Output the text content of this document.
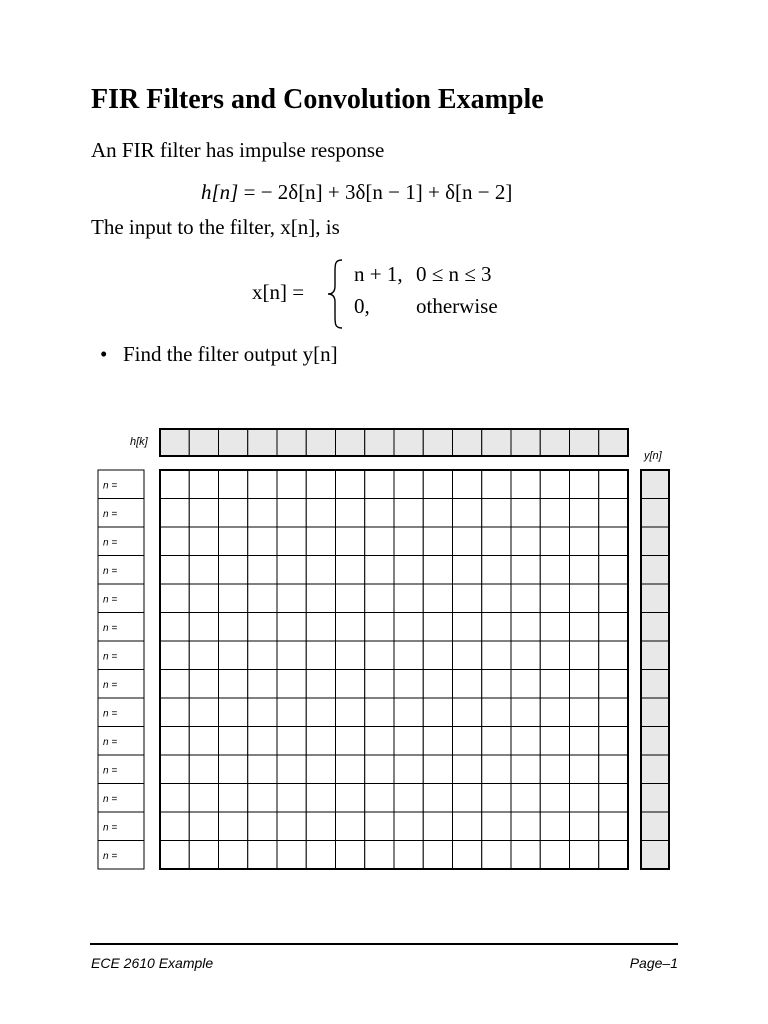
FIR Filters and Convolution Example
An FIR filter has impulse response
h[n] = − 2δ[n] + 3δ[n − 1] + δ[n − 2]
The input to the filter, x[n], is
x[n] =
n + 1, 0 ≤ n ≤ 3
0, otherwise
• Find the filter output y[n]
h[k]
y[n]
n =
n =
n =
n =
n =
n =
n =
n =
n =
n =
n =
n =
n =
n =
ECE 2610 Example	Page–1
